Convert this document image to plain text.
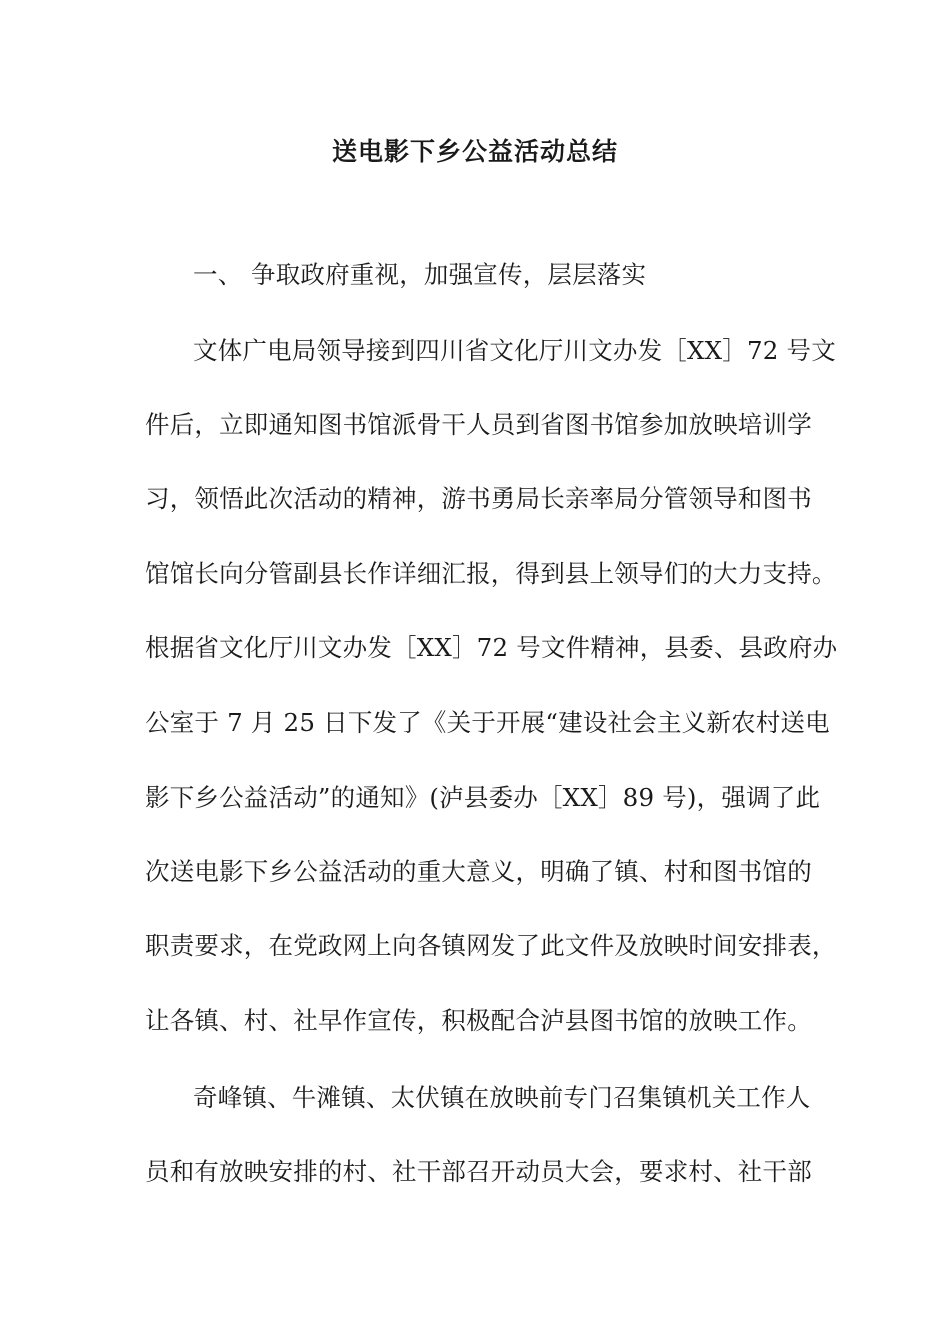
送电影下乡公益活动总结
一、 争取政府重视，加强宣传，层层落实
文体广电局领导接到四川省文化厅川文办发［XX］72 号文
件后，立即通知图书馆派骨干人员到省图书馆参加放映培训学
习，领悟此次活动的精神，游书勇局长亲率局分管领导和图书
馆馆长向分管副县长作详细汇报，得到县上领导们的大力支持。
根据省文化厅川文办发［XX］72 号文件精神，县委、县政府办
公室于 7 月 25 日下发了《关于开展“建设社会主义新农村送电
影下乡公益活动”的通知》(泸县委办［XX］89 号)，强调了此
次送电影下乡公益活动的重大意义，明确了镇、村和图书馆的
职责要求，在党政网上向各镇网发了此文件及放映时间安排表，
让各镇、村、社早作宣传，积极配合泸县图书馆的放映工作。
奇峰镇、牛滩镇、太伏镇在放映前专门召集镇机关工作人
员和有放映安排的村、社干部召开动员大会，要求村、社干部
